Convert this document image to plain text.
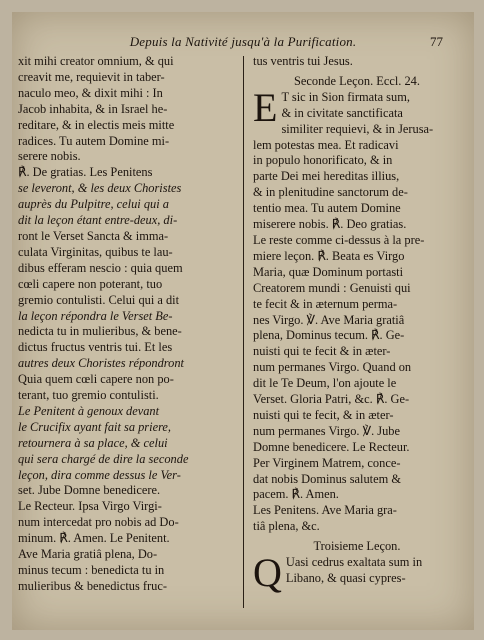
Depuis la Nativité jusqu'à la Purification.	77
xit mihi creator omnium, & qui
creavit me, requievit in taber-
naculo meo, & dixit mihi : In
Jacob inhabita, & in Israel he-
reditare, & in electis meis mitte
radices. Tu autem Domine mi-
serere nobis.
℟. De gratias. Les Penitens
se leveront, & les deux Choristes
auprès du Pulpitre, celui qui a
dit la leçon étant entre-deux, di-
ront le Verset Sancta & imma-
culata Virginitas, quibus te lau-
dibus efferam nescio : quia quem
cœli capere non poterant, tuo
gremio contulisti. Celui qui a dit
la leçon répondra le Verset Be-
nedicta tu in mulieribus, & bene-
dictus fructus ventris tui. Et les
autres deux Choristes répondront
Quia quem cœli capere non po-
terant, tuo gremio contulisti.
Le Penitent à genoux devant
le Crucifix ayant fait sa priere,
retournera à sa place, & celui
qui sera chargé de dire la seconde
leçon, dira comme dessus le Ver-
set. Jube Domne benedicere.
Le Recteur. Ipsa Virgo Virgi-
num intercedat pro nobis ad Do-
minum. ℟. Amen. Le Penitent.
Ave Maria gratiâ plena, Do-
minus tecum : benedicta tu in
mulieribus & benedictus fruc-
tus ventris tui Jesus.
Seconde Leçon. Eccl. 24.
E T sic in Sion firmata sum,
& in civitate sanctificata
similiter requievi, & in Jerusa-
lem potestas mea. Et radicavi
in populo honorificato, & in
parte Dei mei hereditas illius,
& in plenitudine sanctorum de-
tentio mea. Tu autem Domine
miserere nobis. ℟. Deo gratias.
Le reste comme ci-dessus à la pre-
miere leçon. ℟. Beata es Virgo
Maria, quæ Dominum portasti
Creatorem mundi : Genuisti qui
te fecit & in æternum perma-
nes Virgo. ℣. Ave Maria gratiâ
plena, Dominus tecum. ℟. Ge-
nuisti qui te fecit & in æter-
num permanes Virgo. Quand on
dit le Te Deum, l'on ajoute le
Verset. Gloria Patri, &c. ℟. Ge-
nuisti qui te fecit, & in æter-
num permanes Virgo. ℣. Jube
Domne benedicere. Le Recteur.
Per Virginem Matrem, conce-
dat nobis Dominus salutem &
pacem. ℟. Amen.
Les Penitens. Ave Maria gra-
tiâ plena, &c.
Troisieme Leçon.
Q Uasi cedrus exaltata sum in
Libano, & quasi cypres-
